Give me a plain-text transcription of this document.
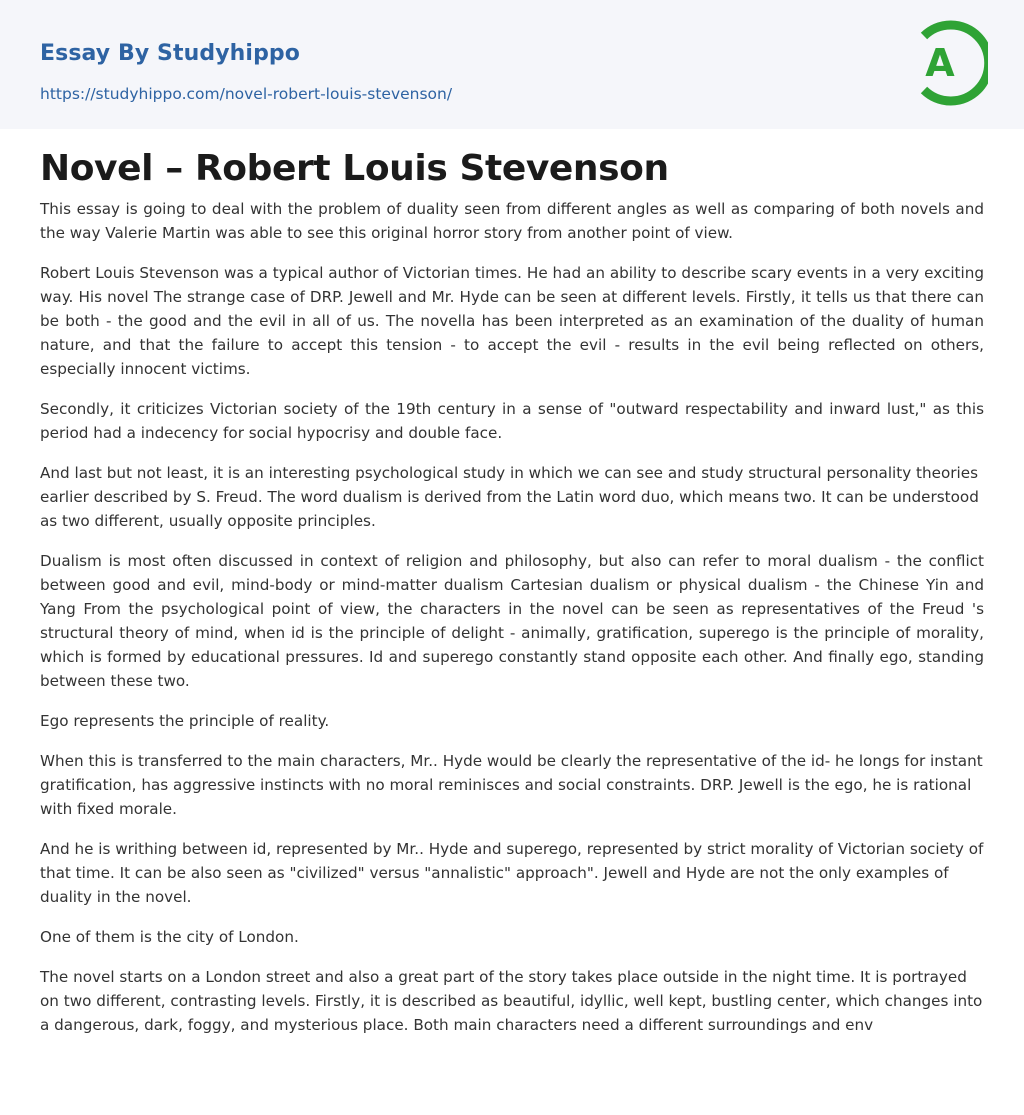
Essay By Studyhippo
https://studyhippo.com/novel-robert-louis-stevenson/
A
Novel – Robert Louis Stevenson

This essay is going to deal with the problem of duality seen from different angles as well as comparing of both novels and the way Valerie Martin was able to see this original horror story from another point of view.

Robert Louis Stevenson was a typical author of Victorian times. He had an ability to describe scary events in a very exciting way. His novel The strange case of DRP. Jewell and Mr. Hyde can be seen at different levels. Firstly, it tells us that there can be both - the good and the evil in all of us. The novella has been interpreted as an examination of the duality of human nature, and that the failure to accept this tension - to accept the evil - results in the evil being reflected on others, especially innocent victims.

Secondly, it criticizes Victorian society of the 19th century in a sense of "outward respectability and inward lust," as this period had a indecency for social hypocrisy and double face.

And last but not least, it is an interesting psychological study in which we can see and study structural personality theories earlier described by S. Freud. The word dualism is derived from the Latin word duo, which means two. It can be understood as two different, usually opposite principles.

Dualism is most often discussed in context of religion and philosophy, but also can refer to moral dualism - the conflict between good and evil, mind-body or mind-matter dualism Cartesian dualism or physical dualism - the Chinese Yin and Yang From the psychological point of view, the characters in the novel can be seen as representatives of the Freud 's structural theory of mind, when id is the principle of delight - animally, gratification, superego is the principle of morality, which is formed by educational pressures. Id and superego constantly stand opposite each other. And finally ego, standing between these two.

Ego represents the principle of reality.

When this is transferred to the main characters, Mr.. Hyde would be clearly the representative of the id- he longs for instant gratification, has aggressive instincts with no moral reminisces and social constraints. DRP. Jewell is the ego, he is rational with fixed morale.

And he is writhing between id, represented by Mr.. Hyde and superego, represented by strict morality of Victorian society of that time. It can be also seen as "civilized" versus "annalistic" approach". Jewell and Hyde are not the only examples of duality in the novel.

One of them is the city of London.

The novel starts on a London street and also a great part of the story takes place outside in the night time. It is portrayed on two different, contrasting levels. Firstly, it is described as beautiful, idyllic, well kept, bustling center, which changes into a dangerous, dark, foggy, and mysterious place. Both main characters need a different surroundings and env
